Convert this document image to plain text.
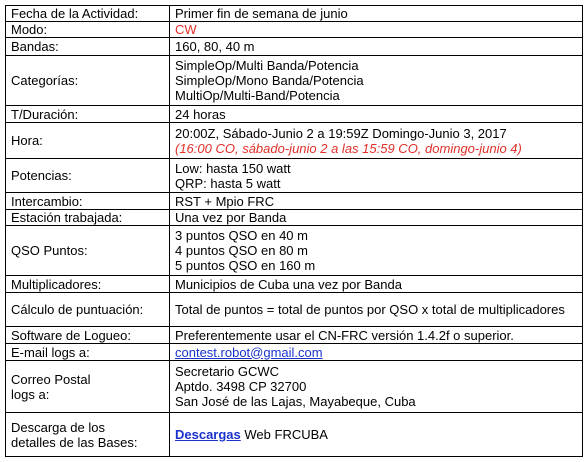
Fecha de la Actividad:	Primer fin de semana de junio
Modo:	CW
Bandas:	160, 80, 40 m
Categorías:	SimpleOp/Multi Banda/Potencia
SimpleOp/Mono Banda/Potencia
MultiOp/Multi-Band/Potencia

T/Duración:	24 horas
Hora:	20:00Z, Sábado-Junio 2 a 19:59Z Domingo-Junio 3, 2017
(16:00 CO, sábado-junio 2 a las 15:59 CO, domingo-junio 4)

Potencias:	Low: hasta 150 watt
QRP: hasta 5 watt

Intercambio:	RST + Mpio FRC
Estación trabajada:	Una vez por Banda
QSO Puntos:	3 puntos QSO en 40 m
4 puntos QSO en 80 m
5 puntos QSO en 160 m

Multiplicadores:	Municipios de Cuba una vez por Banda
Cálculo de puntuación:	Total de puntos = total de puntos por QSO x total de multiplicadores
Software de Logueo:	Preferentemente usar el CN-FRC versión 1.4.2f o superior.
E-mail logs a:	contest.robot@gmail.com

Correo Postal
logs a:	Secretario GCWC
Aptdo. 3498 CP 32700
San José de las Lajas, Mayabeque, Cuba

Descarga de los
detalles de las Bases:	Descargas Web FRCUBA
